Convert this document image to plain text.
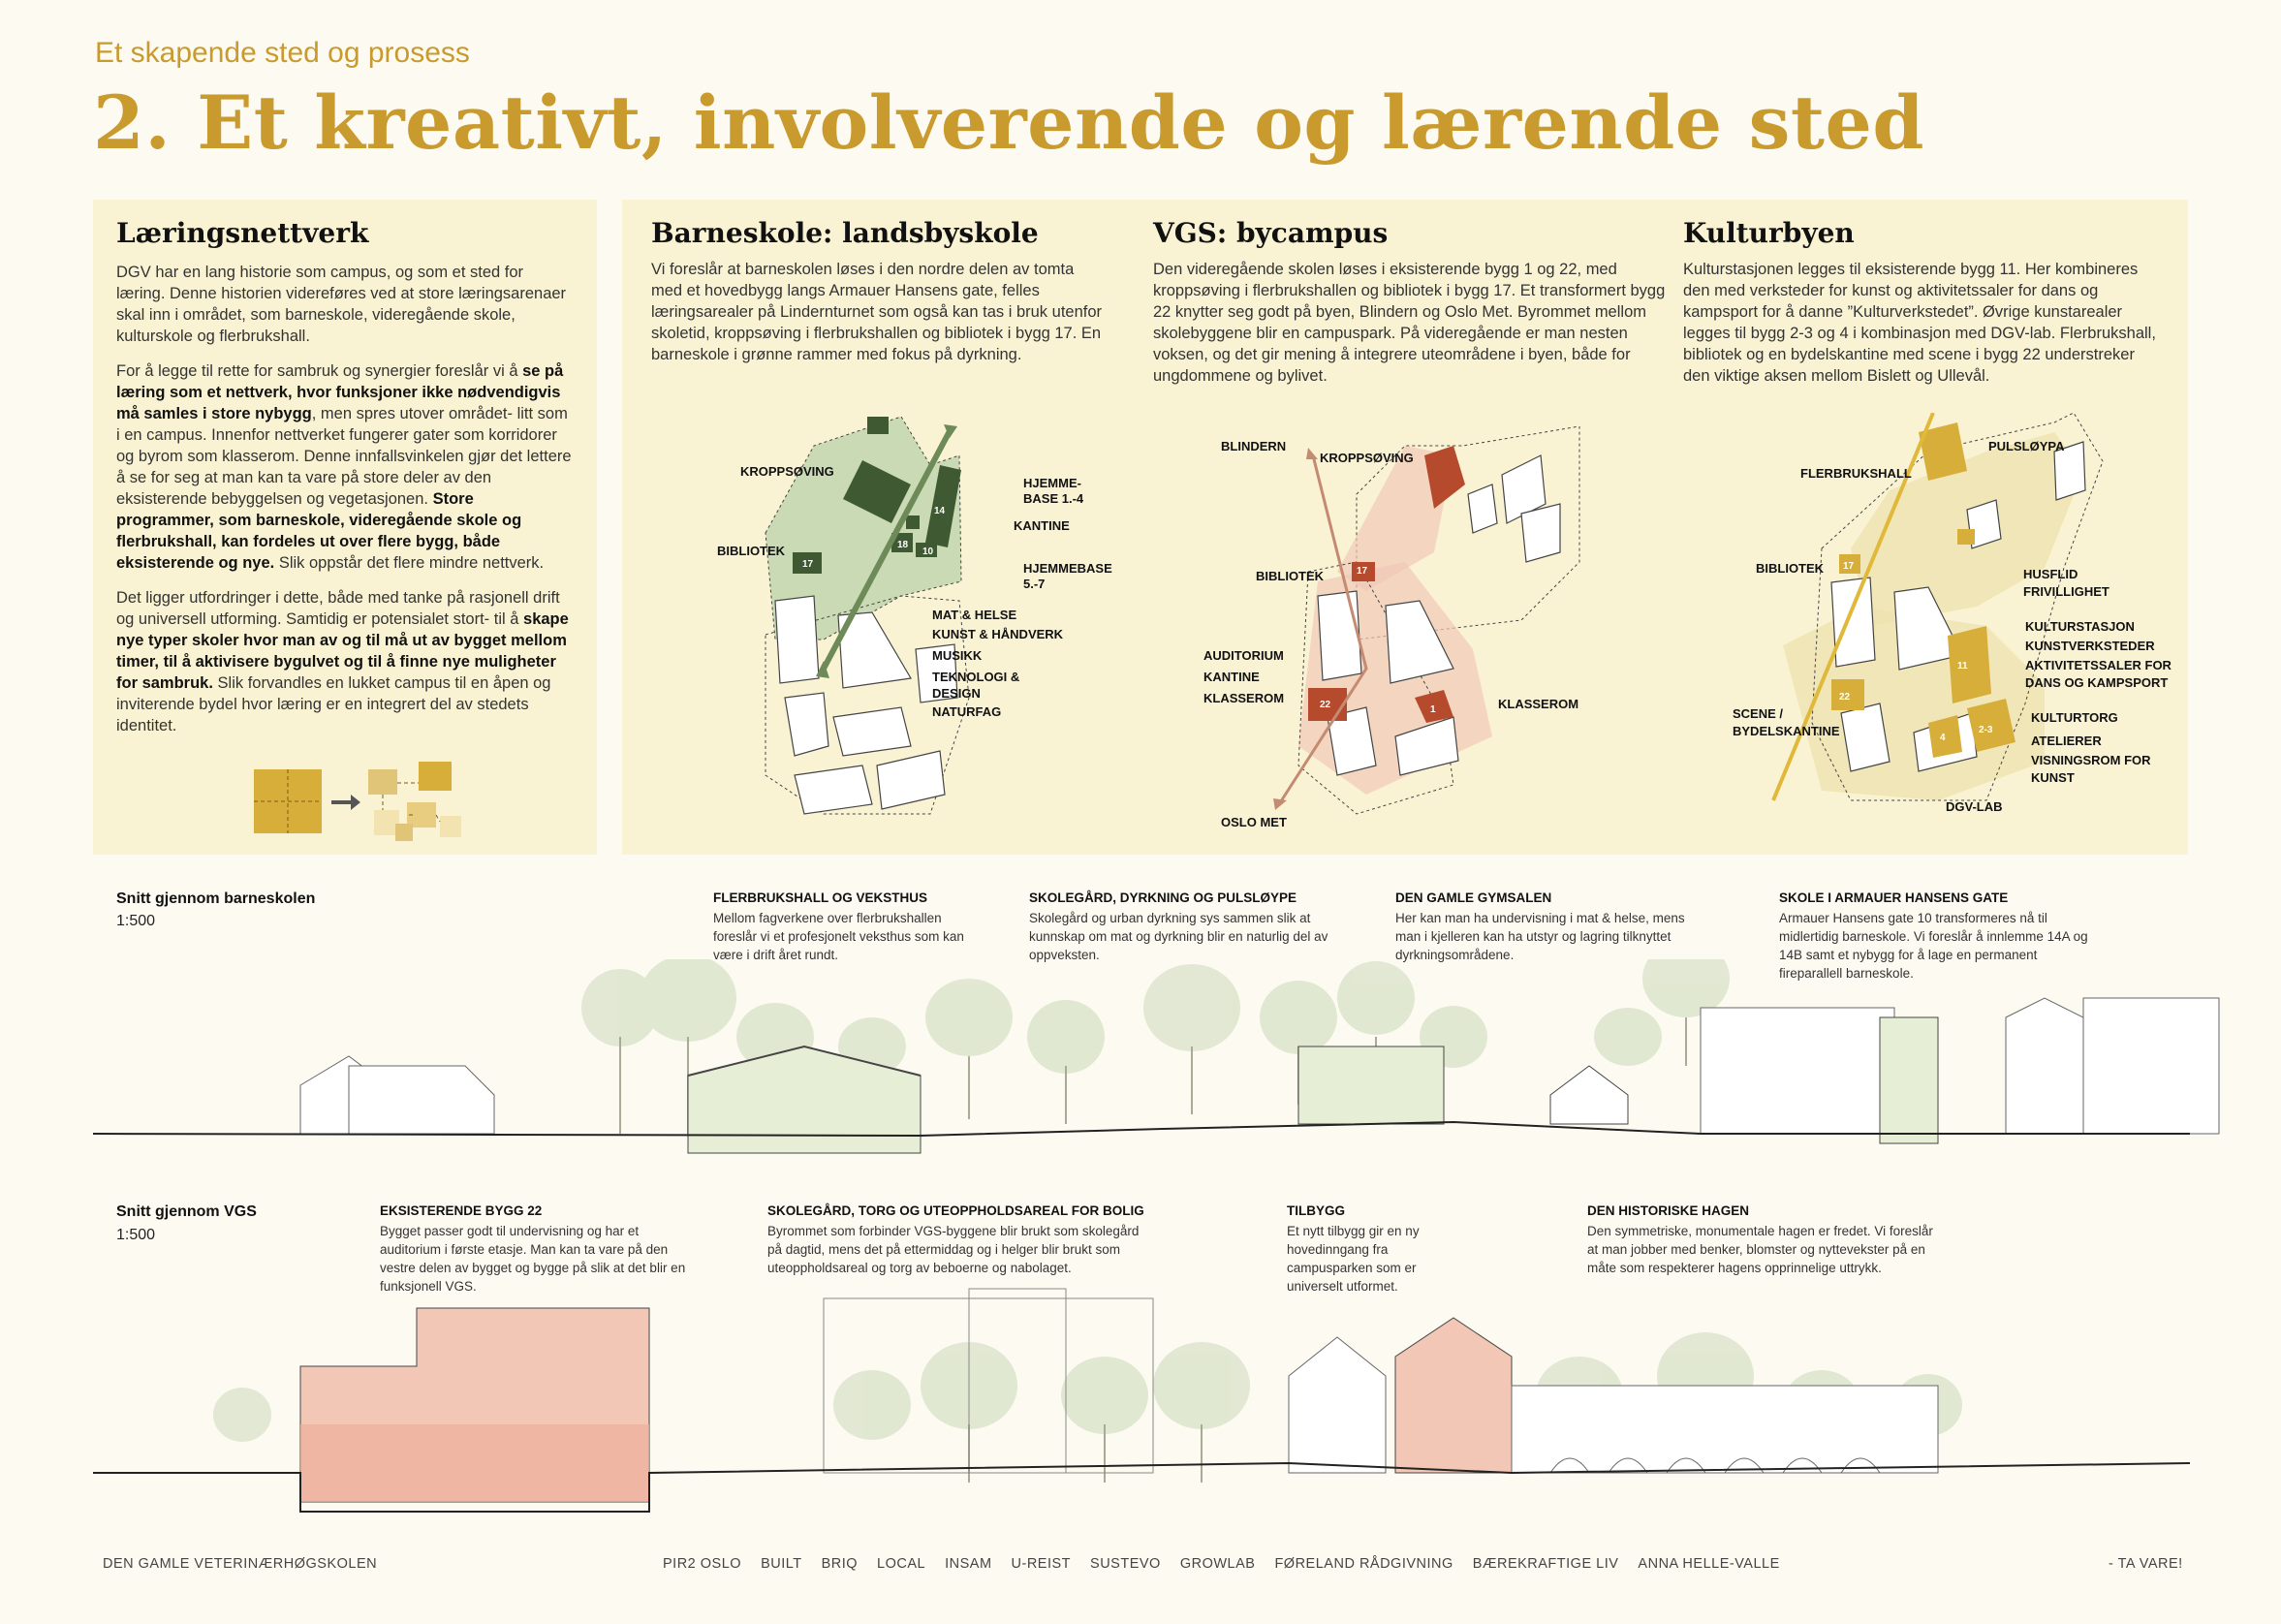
Et skapende sted og prosess
2. Et kreativt, involverende og lærende sted
Læringsnettverk

DGV har en lang historie som campus, og som et sted for læring. Denne historien videreføres ved at store læringsarenaer skal inn i området, som barneskole, videregående skole, kulturskole og flerbrukshall.

For å legge til rette for sambruk og synergier foreslår vi å se på læring som et nettverk, hvor funksjoner ikke nødvendigvis må samles i store nybygg, men spres utover området- litt som i en campus. Innenfor nettverket fungerer gater som korridorer og byrom som klasserom. Denne innfallsvinkelen gjør det lettere å se for seg at man kan ta vare på store deler av den eksisterende bebyggelsen og vegetasjonen. Store programmer, som barneskole, videregående skole og flerbrukshall, kan fordeles ut over flere bygg, både eksisterende og nye. Slik oppstår det flere mindre nettverk.

Det ligger utfordringer i dette, både med tanke på rasjonell drift og universell utforming. Samtidig er potensialet stort- til å skape nye typer skoler hvor man av og til må ut av bygget mellom timer, til å aktivisere bygulvet og til å finne nye muligheter for sambruk. Slik forvandles en lukket campus til en åpen og inviterende bydel hvor læring er en integrert del av stedets identitet.

Barneskole: landsbyskole
Vi foreslår at barneskolen løses i den nordre delen av tomta med et hovedbygg langs Armauer Hansens gate, felles læringsarealer på Lindernturnet som også kan tas i bruk utenfor skoletid, kroppsøving i flerbrukshallen og bibliotek i bygg 17. En barneskole i grønne rammer med fokus på dyrkning.
18
17
14
10
KROPPSØVING
BIBLIOTEK
HJEMME-
BASE 1.-4
KANTINE
HJEMMEBASE
5.-7
MAT & HELSE
KUNST & HÅNDVERK
MUSIKK
TEKNOLOGI &
DESIGN
NATURFAG
VGS: bycampus
Den videregående skolen løses i eksisterende bygg 1 og 22, med kroppsøving i flerbrukshallen og bibliotek i bygg 17. Et transformert bygg 22 knytter seg godt på byen, Blindern og Oslo Met. Byrommet mellom skolebyggene blir en campuspark. På videregående er man nesten voksen, og det gir mening å integrere uteområdene i byen, både for ungdommene og bylivet.
17
22	1
BLINDERN
KROPPSØVING
BIBLIOTEK
AUDITORIUM
KANTINE
KLASSEROM	KLASSEROM
OSLO MET
Kulturbyen
Kulturstasjonen legges til eksisterende bygg 11. Her kombineres den med verksteder for kunst og aktivitetssaler for dans og kampsport for å danne ”Kulturverkstedet”. Øvrige kunstarealer legges til bygg 2-3 og 4 i kombinasjon med DGV-lab. Flerbrukshall, bibliotek og en bydelskantine med scene i bygg 22 understreker den viktige aksen mellom Bislett og Ullevål.
17
11
22
2-3
4
PULSLØYPA
FLERBRUKSHALL
BIBLIOTEK	HUSFLID
FRIVILLIGHET
KULTURSTASJON
KUNSTVERKSTEDER
AKTIVITETSSALER FOR
DANS OG KAMPSPORT
SCENE /
BYDELSKANTINE
KULTURTORG
ATELIERER
VISNINGSROM FOR
KUNST
DGV-LAB
Snitt gjennom barneskolen
1:500
FLERBRUKSHALL OG VEKSTHUS
Mellom fagverkene over flerbrukshallen foreslår vi et profesjonelt veksthus som kan være i drift året rundt.
SKOLEGÅRD, DYRKNING OG PULSLØYPE
Skolegård og urban dyrkning sys sammen slik at kunnskap om mat og dyrkning blir en naturlig del av oppveksten.
DEN GAMLE GYMSALEN
Her kan man ha undervisning i mat & helse, mens man i kjelleren kan ha utstyr og lagring tilknyttet dyrkningsområdene.
SKOLE I ARMAUER HANSENS GATE
Armauer Hansens gate 10 transformeres nå til midlertidig barneskole. Vi foreslår å innlemme 14A og 14B samt et nybygg for å lage en permanent fireparallell barneskole.
Snitt gjennom VGS
1:500
EKSISTERENDE BYGG 22
Bygget passer godt til undervisning og har et auditorium i første etasje. Man kan ta vare på den vestre delen av bygget og bygge på slik at det blir en funksjonell VGS.
SKOLEGÅRD, TORG OG UTEOPPHOLDSAREAL FOR BOLIG
Byrommet som forbinder VGS-byggene blir brukt som skolegård på dagtid, mens det på ettermiddag og i helger blir brukt som uteoppholdsareal og torg av beboerne og nabolaget.
TILBYGG
Et nytt tilbygg gir en ny hovedinngang fra campusparken som er universelt utformet.
DEN HISTORISKE HAGEN
Den symmetriske, monumentale hagen er fredet. Vi foreslår at man jobber med benker, blomster og nyttevekster på en måte som respekterer hagens opprinnelige uttrykk.
DEN GAMLE VETERINÆRHØGSKOLEN	PIR2 OSLO BUILT BRIQ LOCAL INSAM U-REIST SUSTEVO GROWLAB FØRELAND RÅDGIVNING BÆREKRAFTIGE LIV ANNA HELLE-VALLE	- TA VARE!
